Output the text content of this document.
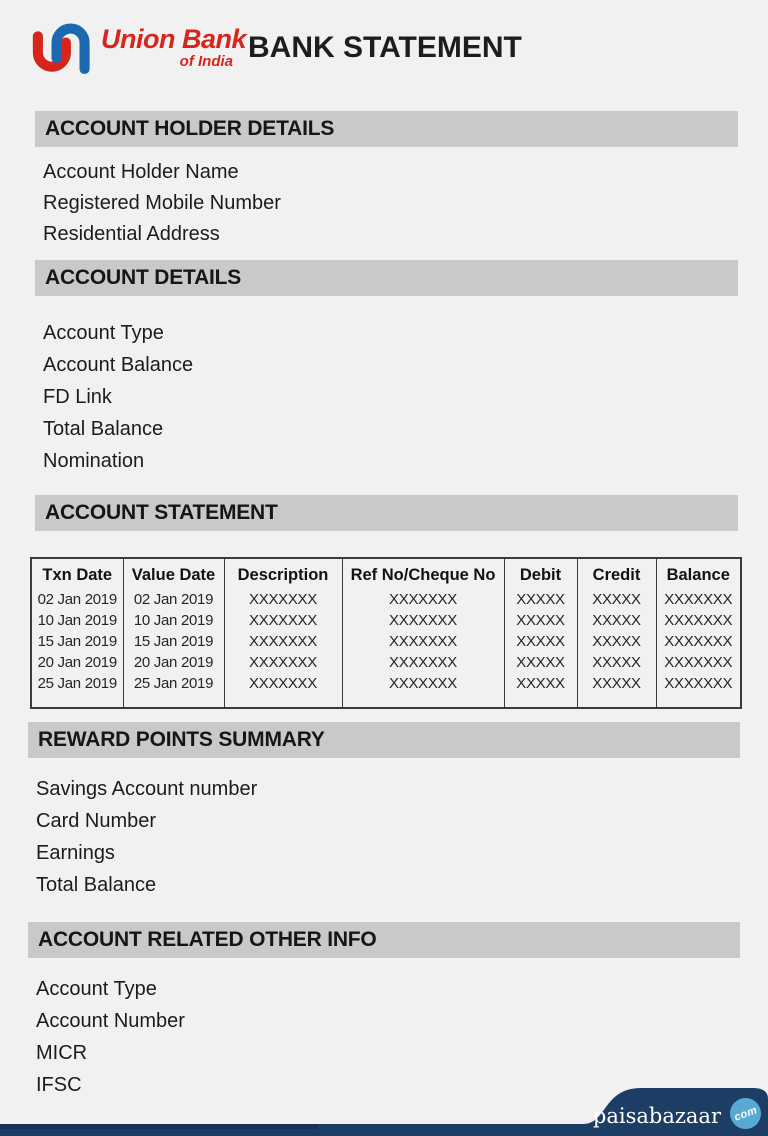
Union Bank
of India BANK STATEMENT
ACCOUNT HOLDER DETAILS
Account Holder Name
Registered Mobile Number
Residential Address
ACCOUNT DETAILS
Account Type
Account Balance
FD Link
Total Balance
Nomination
ACCOUNT STATEMENT
Txn Date	Value Date	Description	Ref No/Cheque No	Debit	Credit	Balance
02 Jan 2019	02 Jan 2019	XXXXXXX	XXXXXXX	XXXXX	XXXXX	XXXXXXX
10 Jan 2019	10 Jan 2019	XXXXXXX	XXXXXXX	XXXXX	XXXXX	XXXXXXX
15 Jan 2019	15 Jan 2019	XXXXXXX	XXXXXXX	XXXXX	XXXXX	XXXXXXX
20 Jan 2019	20 Jan 2019	XXXXXXX	XXXXXXX	XXXXX	XXXXX	XXXXXXX
25 Jan 2019	25 Jan 2019	XXXXXXX	XXXXXXX	XXXXX	XXXXX	XXXXXXX
REWARD POINTS SUMMARY
Savings Account number
Card Number
Earnings
Total Balance
ACCOUNT RELATED OTHER INFO
Account Type
Account Number
MICR
IFSC
paisabazaar com
